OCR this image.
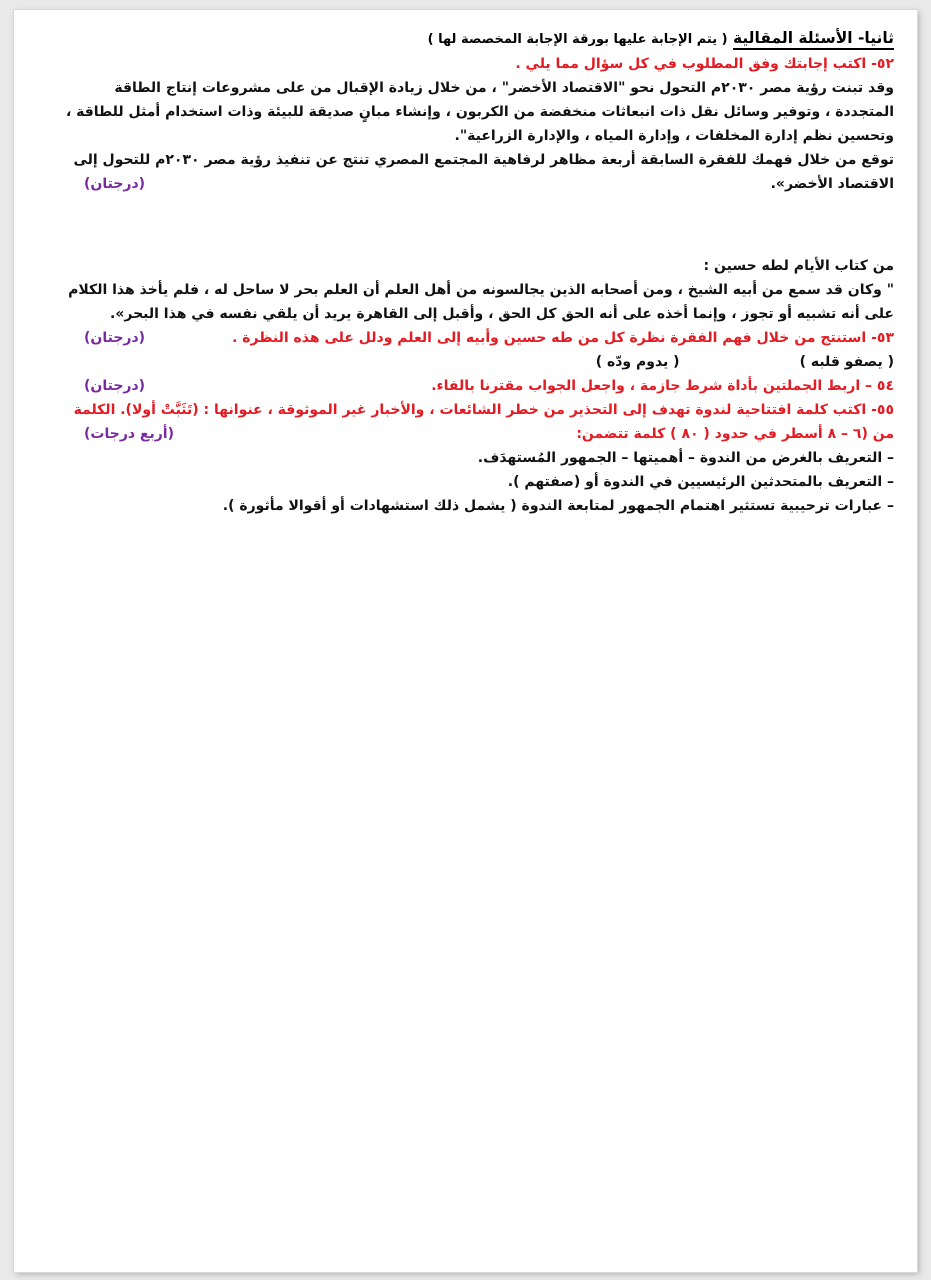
ثانيا- الأسئلة المقالية ( يتم الإجابة عليها بورقة الإجابة المخصصة لها )

٥٢- اكتب إجابتك وفق المطلوب في كل سؤال مما يلي .

وقد تبنت رؤية مصر ٢٠٣٠م التحول نحو "الاقتصاد الأخضر" ، من خلال زيادة الإقبال من على مشروعات إنتاج الطاقة

المتجددة ، وتوفير وسائل نقل ذات انبعاثات منخفضة من الكربون ، وإنشاء مبانٍ صديقة للبيئة وذات استخدام أمثل للطاقة ،

وتحسين نظم إدارة المخلفات ، وإدارة المياه ، والإدارة الزراعية".

توقع من خلال فهمك للفقرة السابقة أربعة مظاهر لرفاهية المجتمع المصري تنتج عن تنفيذ رؤية مصر ٢٠٣٠م للتحول إلى

الاقتصاد الأخضر».
(درجتان)

من كتاب الأيام لطه حسين :

" وكان قد سمع من أبيه الشيخ ، ومن أصحابه الذين يجالسونه من أهل العلم أن العلم بحر لا ساحل له ، فلم يأخذ هذا الكلام

على أنه تشبيه أو تجوز ، وإنما أخذه على أنه الحق كل الحق ، وأقبل إلى القاهرة يريد أن يلقي نفسه في هذا البحر».

٥٣- استنتج من خلال فهم الفقرة نظرة كل من طه حسين وأبيه إلى العلم ودلل على هذه النظرة .
(درجتان)
( يصفو قلبه )
( يدوم ودّه )
٥٤ – اربط الجملتين بأداة شرط جازمة ، واجعل الجواب مقترنا بالفاء.
(درجتان)

٥٥- اكتب كلمة افتتاحية لندوة تهدف إلى التحذير من خطر الشائعات ، والأخبار غير الموثوقة ، عنوانها : (تَثَبَّتْ أولا). الكلمة

من (٦ – ٨ أسطر في حدود ( ٨٠ ) كلمة تتضمن:
(أربع درجات)

– التعريف بالغرض من الندوة – أهميتها – الجمهور المُستهدَف.

– التعريف بالمتحدثين الرئيسيين في الندوة أو (صفتهم ).

– عبارات ترحيبية تستثير اهتمام الجمهور لمتابعة الندوة ( يشمل ذلك استشهادات أو أقوالا مأثورة ).
